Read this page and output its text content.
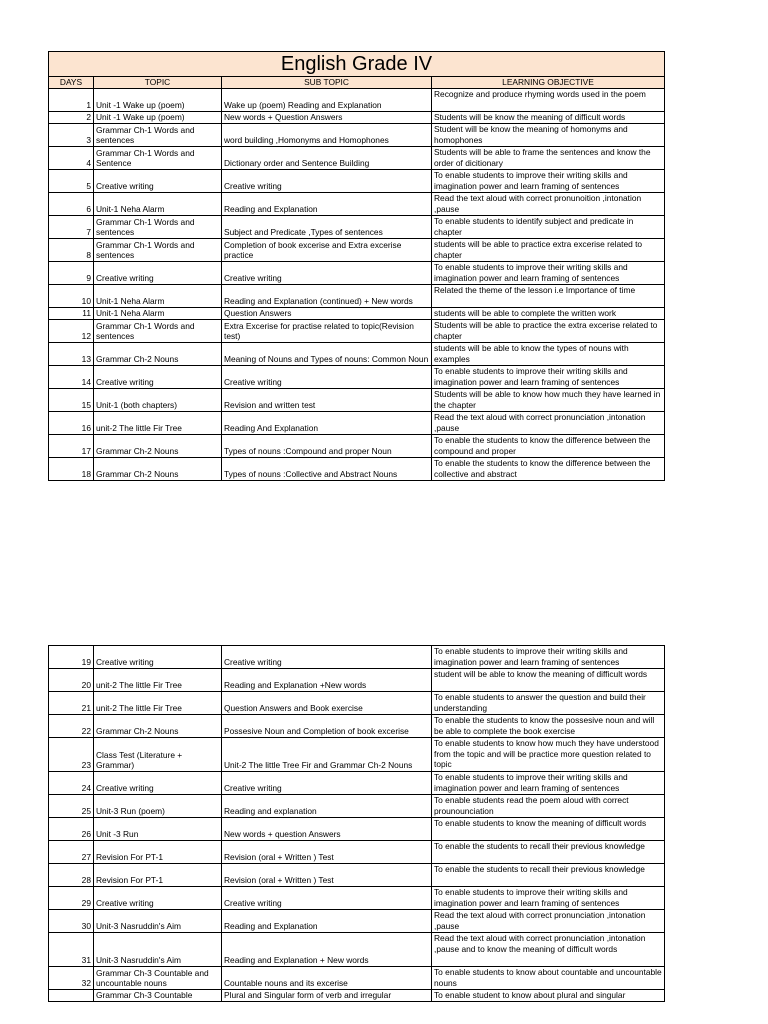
English Grade IV			
DAYS	TOPIC	SUB TOPIC	LEARNING OBJECTIVE
1	Unit -1 Wake up (poem)	Wake up (poem) Reading and Explanation	Recognize and produce rhyming words used in the poem
2	Unit -1 Wake up (poem)	New words + Question Answers	Students will be know the meaning of difficult words
3	Grammar Ch-1 Words and sentences	word building ,Homonyms and Homophones	Student will be know the meaning of homonyms and homophones
4	Grammar Ch-1 Words and Sentence	Dictionary order and Sentence Building	Students will be able to frame the sentences and know the order of dicitionary
5	Creative writing	Creative writing	To enable students to improve their writing skills and imagination power and learn framing of sentences
6	Unit-1 Neha Alarm	Reading and Explanation	Read the text aloud with correct pronunoition ,intonation ,pause
7	Grammar Ch-1 Words and sentences	Subject and Predicate ,Types of sentences	To enable students to identify subject and predicate in chapter
8	Grammar Ch-1 Words and sentences	Completion of book excerise and Extra excerise practice	students will be able to practice extra excerise related to chapter
9	Creative writing	Creative writing	To enable students to improve their writing skills and imagination power and learn framing of sentences
10	Unit-1 Neha Alarm	Reading and Explanation (continued) + New words	Related the theme of the lesson i.e Importance of time
11	Unit-1 Neha Alarm	Question Answers	students will be able to complete the written work
12	Grammar Ch-1 Words and sentences	Extra Excerise for practise related to topic(Revision test)	Students will be able to practice the extra excerise related to chapter
13	Grammar Ch-2 Nouns	Meaning of Nouns and Types of nouns: Common Noun	students will be able to know the types of nouns with examples
14	Creative writing	Creative writing	To enable students to improve their writing skills and imagination power and learn framing of sentences
15	Unit-1 (both chapters)	Revision and written test	Students will be able to know how much they have learned in the chapter
16	unit-2 The little Fir Tree	Reading And Explanation	Read the text aloud with correct pronunciation ,intonation ,pause
17	Grammar Ch-2 Nouns	Types of nouns :Compound and proper Noun	To enable the students to know the difference between the compound and proper
18	Grammar Ch-2 Nouns	Types of nouns :Collective and Abstract Nouns	To enable the students to know the difference between the collective and abstract
19	Creative writing	Creative writing	To enable students to improve their writing skills and imagination power and learn framing of sentences
20	unit-2 The little Fir Tree	Reading and Explanation +New words	student will be able to know the meaning of difficult words
21	unit-2 The little Fir Tree	Question Answers and Book exercise	To enable students to answer the question and build their understanding
22	Grammar Ch-2 Nouns	Possesive Noun and Completion of book excerise	To enable the students to know the possesive noun and will be able to complete the book exercise
23	Class Test (Literature + Grammar)	Unit-2 The little Tree Fir and Grammar Ch-2 Nouns	To enable students to know how much they have understood from the topic and will be practice more question related to topic
24	Creative writing	Creative writing	To enable students to improve their writing skills and imagination power and learn framing of sentences
25	Unit-3 Run (poem)	Reading and explanation	To enable students read the poem aloud with correct prounounciation
26	Unit -3 Run	New words + question Answers	To enable students to know the meaning of difficult words
27	Revision For PT-1	Revision (oral + Written ) Test	To enable the students to recall their previous knowledge
28	Revision For PT-1	Revision (oral + Written ) Test	To enable the students to recall their previous knowledge
29	Creative writing	Creative writing	To enable students to improve their writing skills and imagination power and learn framing of sentences
30	Unit-3 Nasruddin's Aim	Reading and Explanation	Read the text aloud with correct pronunciation ,intonation ,pause
31	Unit-3 Nasruddin's Aim	Reading and Explanation + New words	Read the text aloud with correct pronunciation ,intonation ,pause and to know the meaning of difficult words
32	Grammar Ch-3 Countable and uncountable nouns	Countable nouns and its excerise	To enable students to know about countable and uncountable nouns
	Grammar Ch-3 Countable	Plural and Singular form of verb and irregular	To enable student to know about plural and singular
